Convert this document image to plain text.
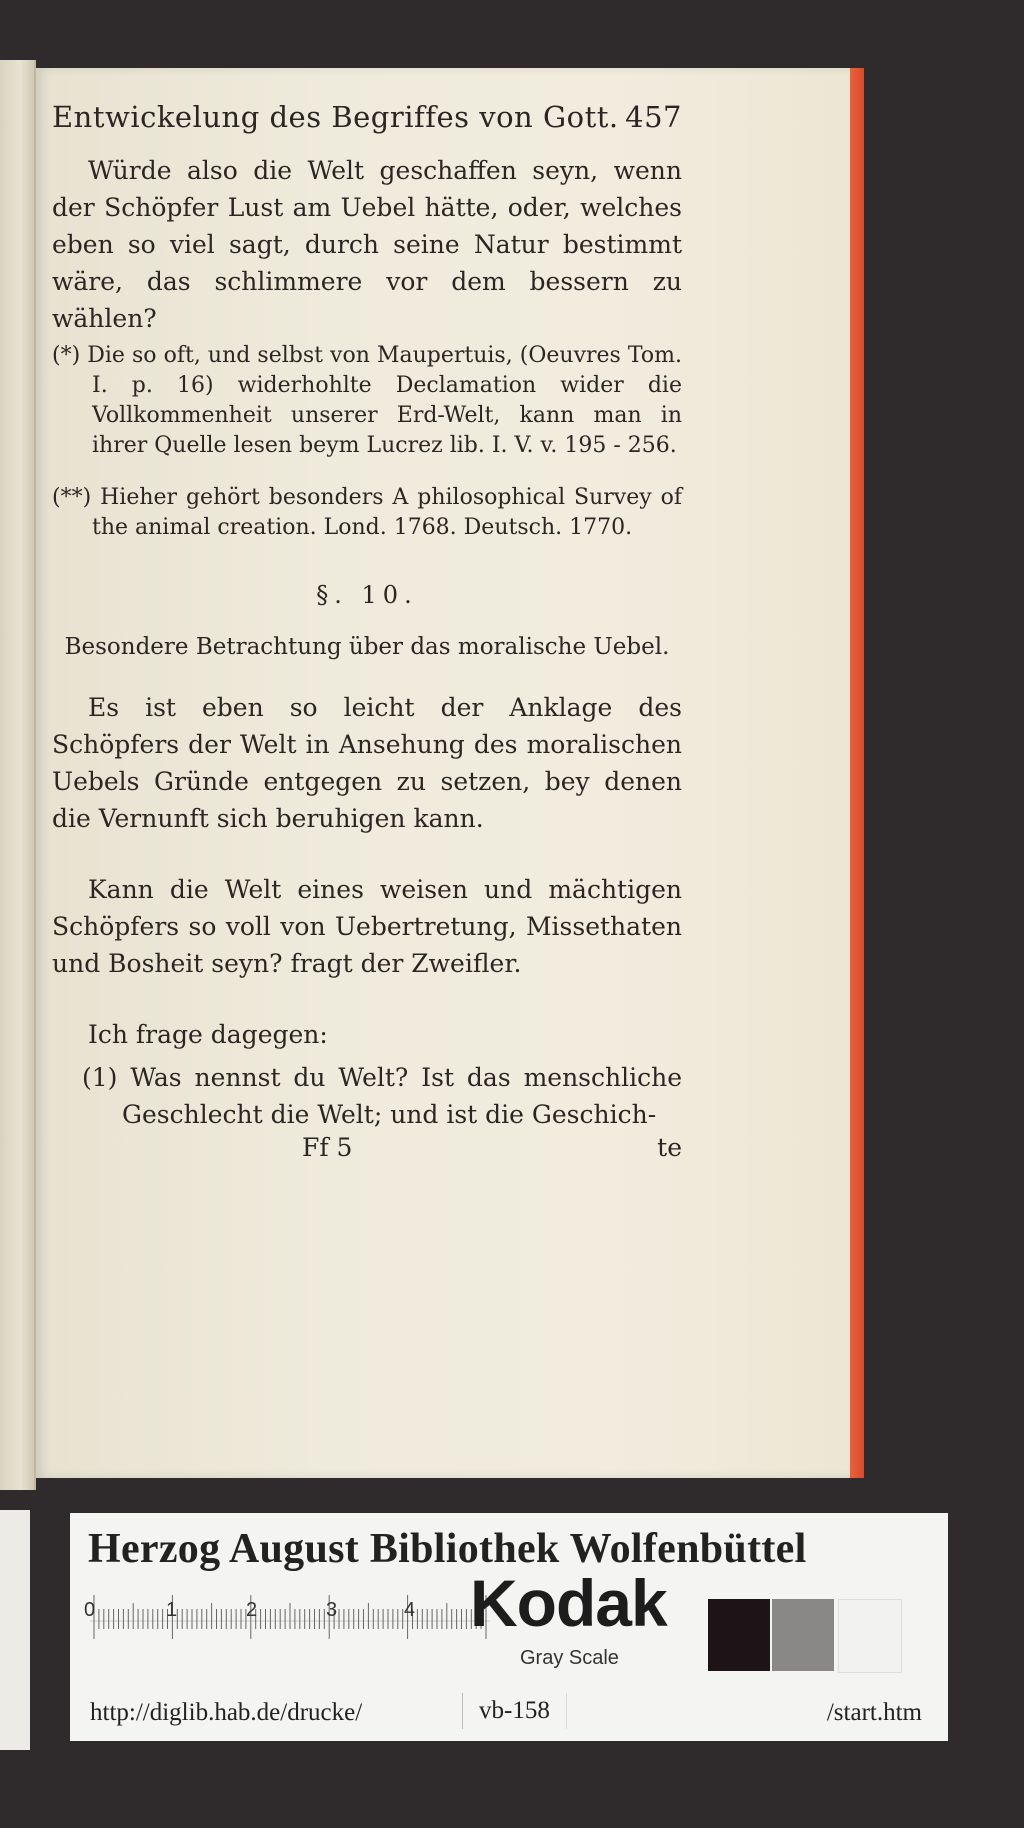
Entwickelung des Begriffes von Gott. 457

Würde also die Welt geschaffen seyn, wenn der Schöpfer Lust am Uebel hätte, oder, welches eben so viel sagt, durch seine Natur bestimmt wäre, das schlimmere vor dem bessern zu wählen?

(*) Die so oft, und selbst von Maupertuis, (Oeuvres Tom. I. p. 16) widerhohlte Declamation wider die Vollkommenheit unserer Erd-Welt, kann man in ihrer Quelle lesen beym Lucrez lib. I. V. v. 195 - 256.

(**) Hieher gehört besonders A philosophical Survey of the animal creation. Lond. 1768. Deutsch. 1770.

§. 10.

Besondere Betrachtung über das moralische Uebel.

Es ist eben so leicht der Anklage des Schöpfers der Welt in Ansehung des moralischen Uebels Gründe entgegen zu setzen, bey denen die Vernunft sich beruhigen kann.

Kann die Welt eines weisen und mächtigen Schöpfers so voll von Uebertretung, Missethaten und Bosheit seyn? fragt der Zweifler.

Ich frage dagegen:

(1) Was nennst du Welt? Ist das menschliche Geschlecht die Welt; und ist die Geschich-

Ff 5	te
Herzog August Bibliothek Wolfenbüttel
0	1	2	3	4 Kodak
Gray Scale
http://diglib.hab.de/drucke/	vb-158	/start.htm
